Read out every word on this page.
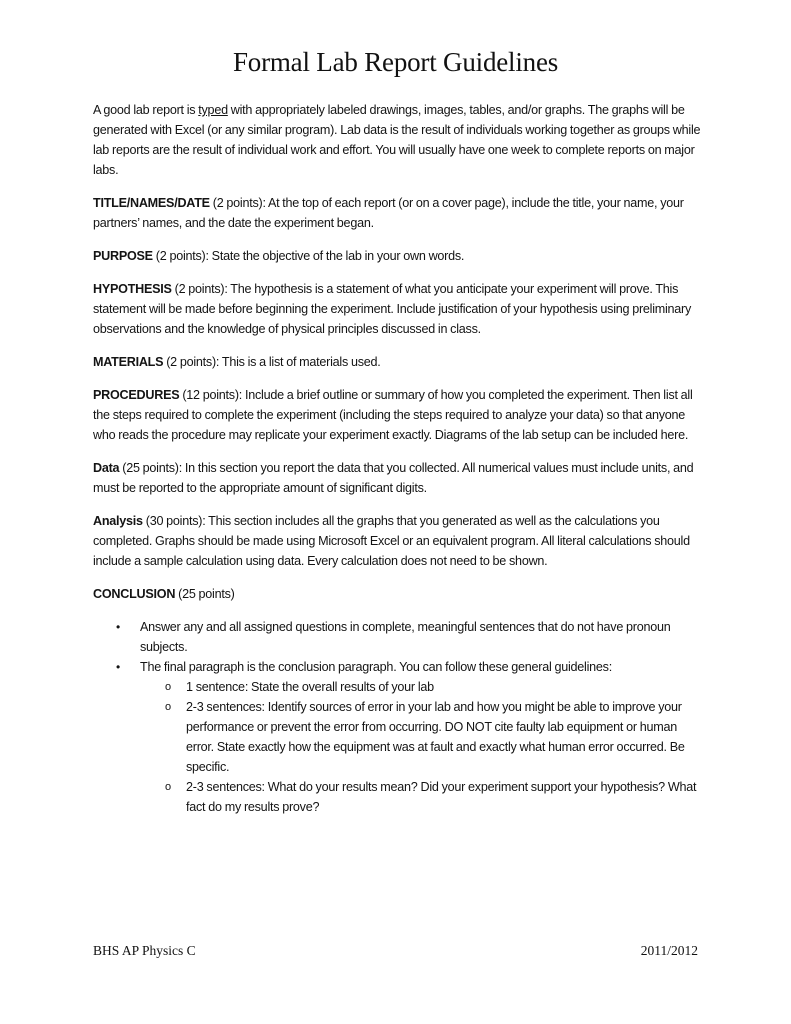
Formal Lab Report Guidelines

A good lab report is typed with appropriately labeled drawings, images, tables, and/or graphs. The graphs will be generated with Excel (or any similar program). Lab data is the result of individuals working together as groups while lab reports are the result of individual work and effort. You will usually have one week to complete reports on major labs.

TITLE/NAMES/DATE (2 points): At the top of each report (or on a cover page), include the title, your name, your partners’ names, and the date the experiment began.

PURPOSE (2 points): State the objective of the lab in your own words.

HYPOTHESIS (2 points): The hypothesis is a statement of what you anticipate your experiment will prove. This statement will be made before beginning the experiment. Include justification of your hypothesis using preliminary observations and the knowledge of physical principles discussed in class.

MATERIALS (2 points): This is a list of materials used.

PROCEDURES (12 points): Include a brief outline or summary of how you completed the experiment. Then list all the steps required to complete the experiment (including the steps required to analyze your data) so that anyone who reads the procedure may replicate your experiment exactly. Diagrams of the lab setup can be included here.

Data (25 points): In this section you report the data that you collected. All numerical values must include units, and must be reported to the appropriate amount of significant digits.

Analysis (30 points): This section includes all the graphs that you generated as well as the calculations you completed. Graphs should be made using Microsoft Excel or an equivalent program. All literal calculations should include a sample calculation using data. Every calculation does not need to be shown.

CONCLUSION (25 points)

• Answer any and all assigned questions in complete, meaningful sentences that do not have pronoun subjects.
• The final paragraph is the conclusion paragraph. You can follow these general guidelines:
o 1 sentence: State the overall results of your lab
o 2-3 sentences: Identify sources of error in your lab and how you might be able to improve your performance or prevent the error from occurring. DO NOT cite faulty lab equipment or human error. State exactly how the equipment was at fault and exactly what human error occurred. Be specific.
o 2-3 sentences: What do your results mean? Did your experiment support your hypothesis? What fact do my results prove?
BHS AP Physics C	2011/2012
